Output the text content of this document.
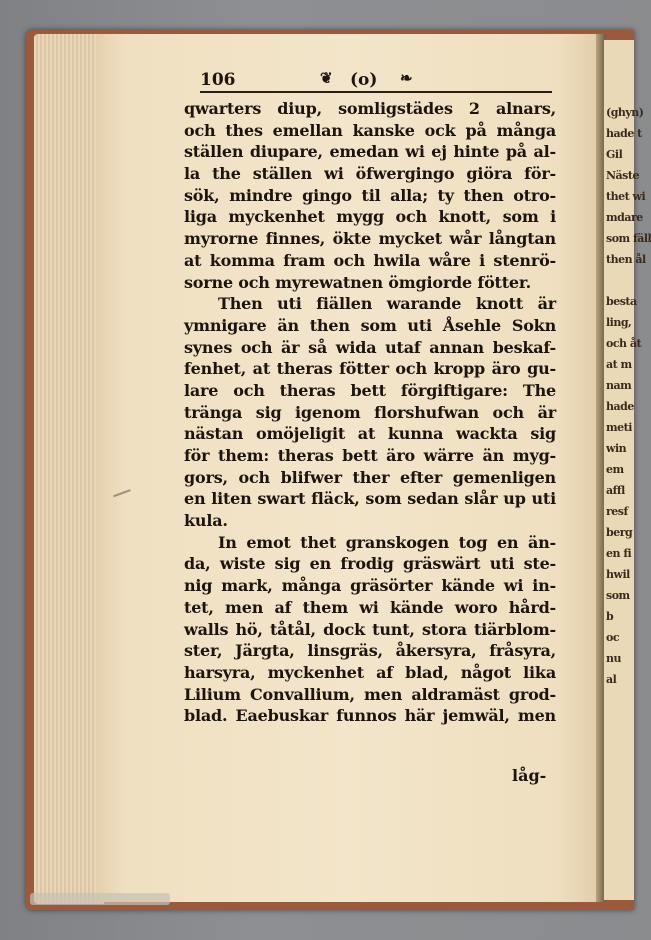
(ghyn)
hade t
Gil
Näste
thet wi
mdare
som fäll
then ål

besta
ling,
och åt
at m
nam
hade
meti
win
em
affl
resf
berg
en fi
hwil
som
b
oc
nu
al
106	❦ (o) ❧
qwarters diup, somligstädes 2 alnars,
och thes emellan kanske ock på många
ställen diupare, emedan wi ej hinte på al-
la the ställen wi öfwergingo giöra för-
sök, mindre gingo til alla; ty then otro-
liga myckenhet mygg och knott, som i
myrorne finnes, ökte mycket wår långtan
at komma fram och hwila wåre i stenrö-
sorne och myrewatnen ömgiorde fötter.
Then uti fiällen warande knott är
ymnigare än then som uti Åsehle Sokn
synes och är så wida utaf annan beskaf-
fenhet, at theras fötter och kropp äro gu-
lare och theras bett förgiftigare: The
tränga sig igenom florshufwan och är
nästan omöjeligit at kunna wackta sig
för them: theras bett äro wärre än myg-
gors, och blifwer ther efter gemenligen
en liten swart fläck, som sedan slår up uti
kula.
In emot thet granskogen tog en än-
da, wiste sig en frodig gräswärt uti ste-
nig mark, många gräsörter kände wi in-
tet, men af them wi kände woro hård-
walls hö, tåtål, dock tunt, stora tiärblom-
ster, Järgta, linsgräs, åkersyra, fråsyra,
harsyra, myckenhet af blad, något lika
Lilium Convallium, men aldramäst grod-
blad. Eaebuskar funnos här jemwäl, men
låg-
